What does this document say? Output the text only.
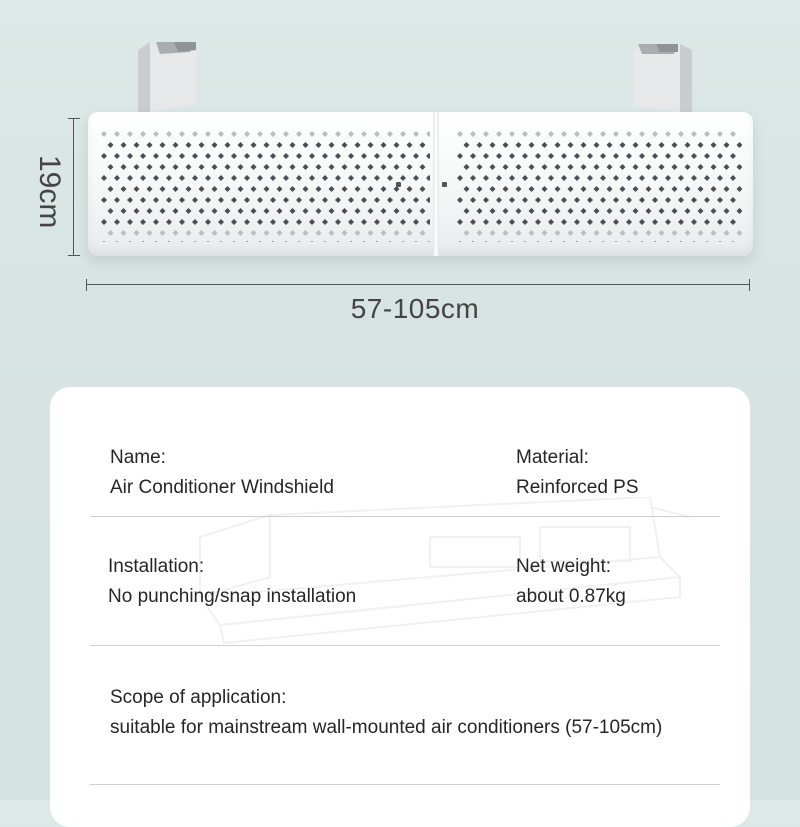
19cm
57-105cm
Name:
Air Conditioner Windshield
Material:
Reinforced PS
Installation:
No punching/snap installation
Net weight:
about 0.87kg
Scope of application:
suitable for mainstream wall-mounted air conditioners (57-105cm)
